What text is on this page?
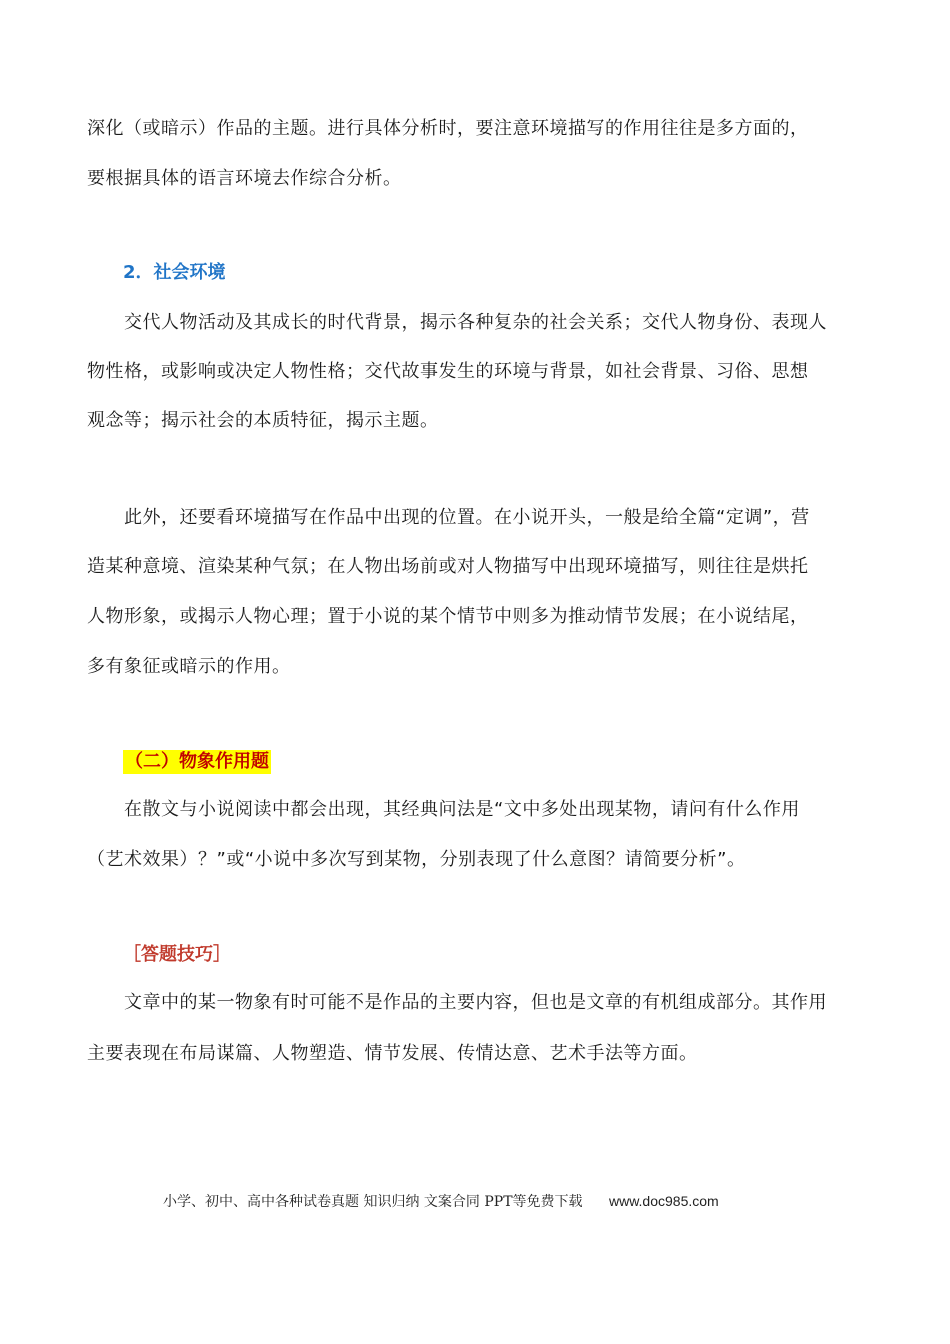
深化（或暗示）作品的主题。进行具体分析时，要注意环境描写的作用往往是多方面的，

要根据具体的语言环境去作综合分析。

2．社会环境

　　交代人物活动及其成长的时代背景，揭示各种复杂的社会关系；交代人物身份、表现人

物性格，或影响或决定人物性格；交代故事发生的环境与背景，如社会背景、习俗、思想

观念等；揭示社会的本质特征，揭示主题。

　　此外，还要看环境描写在作品中出现的位置。在小说开头，一般是给全篇“定调”，营

造某种意境、渲染某种气氛；在人物出场前或对人物描写中出现环境描写，则往往是烘托

人物形象，或揭示人物心理；置于小说的某个情节中则多为推动情节发展；在小说结尾，

多有象征或暗示的作用。

（二）物象作用题

　　在散文与小说阅读中都会出现，其经典问法是“文中多处出现某物，请问有什么作用

（艺术效果）？”或“小说中多次写到某物，分别表现了什么意图？请简要分析”。

［答题技巧］

　　文章中的某一物象有时可能不是作品的主要内容，但也是文章的有机组成部分。其作用

主要表现在布局谋篇、人物塑造、情节发展、传情达意、艺术手法等方面。

小学、初中、高中各种试卷真题 知识归纳 文案合同 PPT等免费下载 www.doc985.com
